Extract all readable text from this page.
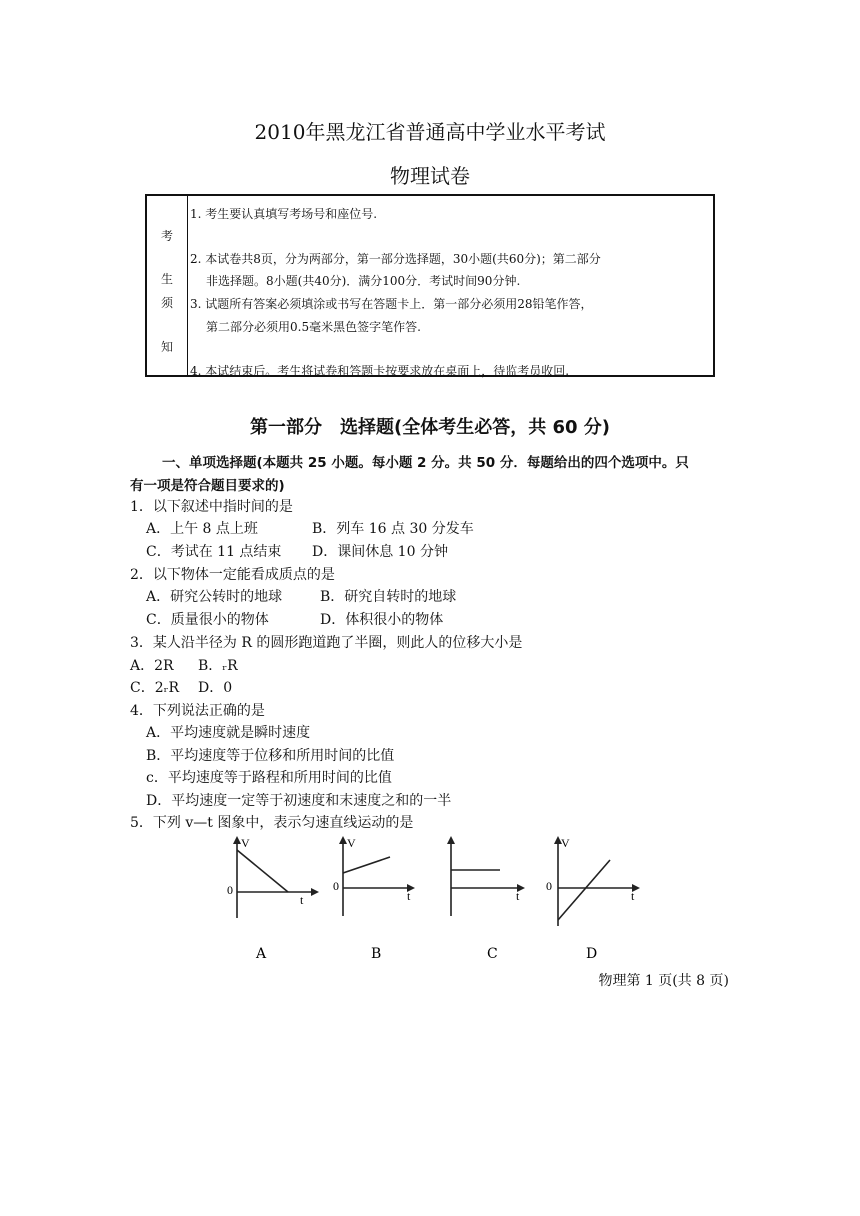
2010年黑龙江省普通高中学业水平考试
物理试卷
考
生
须
知
1. 考生要认真填写考场号和座位号.
2. 本试卷共8页，分为两部分，第一部分选择题，30小题(共60分)；第二部分
非选择题。8小题(共40分)．满分100分．考试时间90分钟.
3. 试题所有答案必须填涂或书写在答题卡上．第一部分必须用28铅笔作答，
第二部分必须用0.5毫米黑色签字笔作答.
4. 本试结束后。考生将试卷和答题卡按要求放在桌面上，待监考员收回.
第一部分　选择题(全体考生必答，共 60 分)
一、单项选择题(本题共 25 小题。每小题 2 分。共 50 分．每题给出的四个选项中。只
有一项是符合题目要求的)
1．以下叙述中指时间的是
A．上午 8 点上班	B．列车 16 点 30 分发车
C．考试在 11 点结束 D．课间休息 10 分钟
2．以下物体一定能看成质点的是
A．研究公转时的地球	B．研究自转时的地球
C．质量很小的物体	D．体积很小的物体
3．某人沿半径为 R 的圆形跑道跑了半圈，则此人的位移大小是
A．2R B．ᵣR
C．2ᵣR D．0
4．下列说法正确的是
A．平均速度就是瞬时速度
B．平均速度等于位移和所用时间的比值
c．平均速度等于路程和所用时间的比值
D．平均速度一定等于初速度和末速度之和的一半
5．下列 v—t 图象中，表示匀速直线运动的是
V
0
t
V
0
t	t
V
0
t
A	B	C	D
物理第 1 页(共 8 页)
